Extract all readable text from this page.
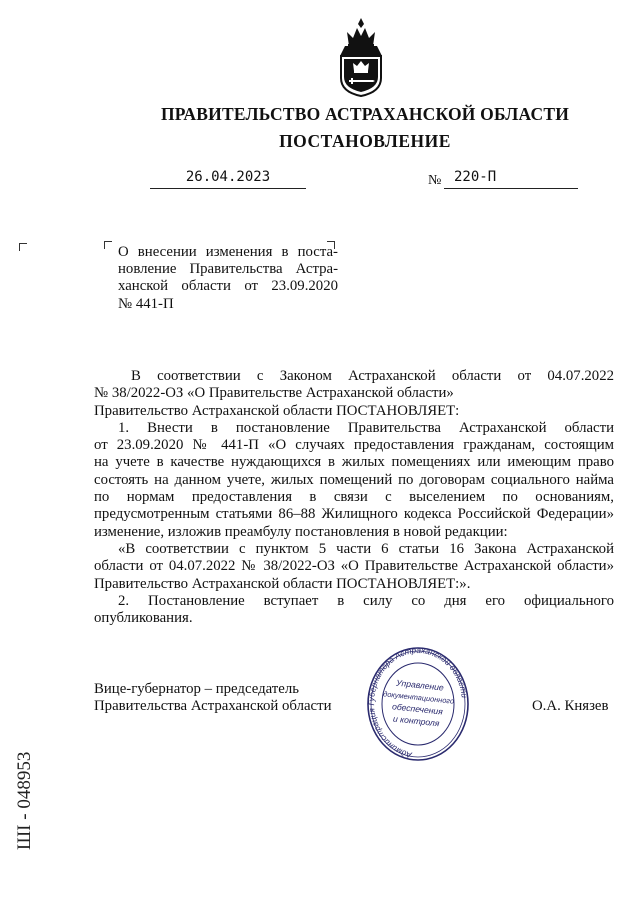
ПРАВИТЕЛЬСТВО АСТРАХАНСКОЙ ОБЛАСТИ
ПОСТАНОВЛЕНИЕ
26.04.2023	№ 220-П
О внесении изменения в поста-
новление Правительства Астра-
ханской области от 23.09.2020
№ 441-П
В соответствии с Законом Астраханской области от 04.07.2022
№ 38/2022-ОЗ «О Правительстве Астраханской области»
Правительство Астраханской области ПОСТАНОВЛЯЕТ:
1. Внести в постановление Правительства Астраханской области
от 23.09.2020 № 441-П «О случаях предоставления гражданам, состоящим
на учете в качестве нуждающихся в жилых помещениях или имеющим право
состоять на данном учете, жилых помещений по договорам социального найма
по нормам предоставления в связи с выселением по основаниям,
предусмотренным статьями 86–88 Жилищного кодекса Российской Федерации»
изменение, изложив преамбулу постановления в новой редакции:
«В соответствии с пунктом 5 части 6 статьи 16 Закона Астраханской
области от 04.07.2022 № 38/2022-ОЗ «О Правительстве Астраханской области»
Правительство Астраханской области ПОСТАНОВЛЯЕТ:».
2. Постановление вступает в силу со дня его официального
опубликования.
Вице-губернатор – председатель
Правительства Астраханской области	О.А. Князев
Администрация Губернатора Астраханской области
Управление
документационного
обеспечения
и контроля
ШI - 048953
